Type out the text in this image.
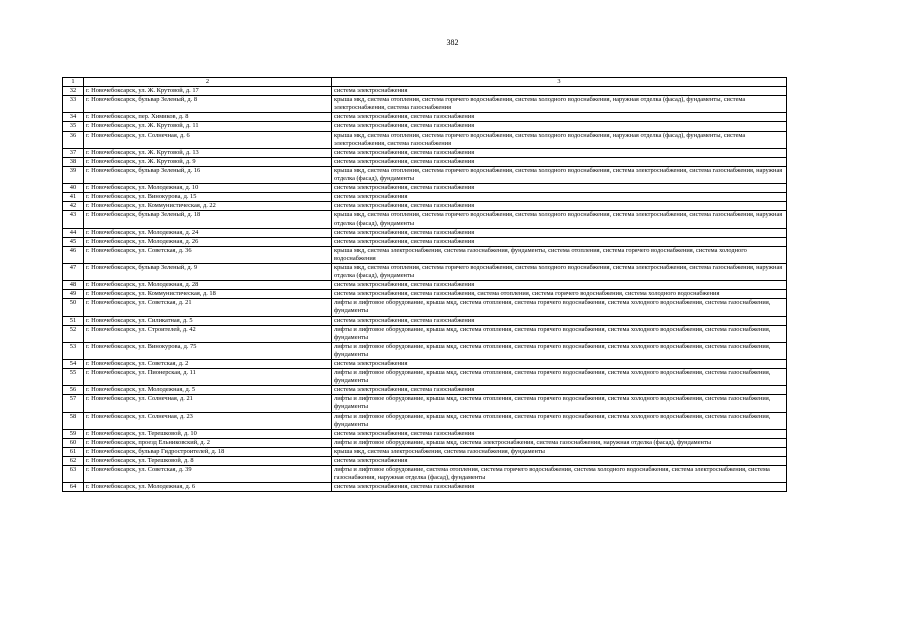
382
1	2	3
32	г. Новочебоксарск, ул. Ж. Крутовой, д. 17	система электроснабжения
33	г. Новочебоксарск, бульвар Зеленый, д. 8	крыша мкд, система отопления, система горячего водоснабжения, система холодного водоснабжения, наружная отделка (фасад), фундаменты, система электроснабжения, система газоснабжения
34	г. Новочебоксарск, пер. Химиков, д. 8	система электроснабжения, система газоснабжения
35	г. Новочебоксарск, ул. Ж. Крутовой, д. 11	система электроснабжения, система газоснабжения
36	г. Новочебоксарск, ул. Солнечная, д. 6	крыша мкд, система отопления, система горячего водоснабжения, система холодного водоснабжения, наружная отделка (фасад), фундаменты, система электроснабжения, система газоснабжения
37	г. Новочебоксарск, ул. Ж. Крутовой, д. 13	система электроснабжения, система газоснабжения
38	г. Новочебоксарск, ул. Ж. Крутовой, д. 9	система электроснабжения, система газоснабжения
39	г. Новочебоксарск, бульвар Зеленый, д. 16	крыша мкд, система отопления, система горячего водоснабжения, система холодного водоснабжения, система электроснабжения, система газоснабжения, наружная отделка (фасад), фундаменты
40	г. Новочебоксарск, ул. Молодежная, д. 10	система электроснабжения, система газоснабжения
41	г. Новочебоксарск, ул. Винокурова, д. 15	система электроснабжения
42	г. Новочебоксарск, ул. Коммунистическая, д. 22	система электроснабжения, система газоснабжения
43	г. Новочебоксарск, бульвар Зеленый, д. 18	крыша мкд, система отопления, система горячего водоснабжения, система холодного водоснабжения, система электроснабжения, система газоснабжения, наружная отделка (фасад), фундаменты
44	г. Новочебоксарск, ул. Молодежная, д. 24	система электроснабжения, система газоснабжения
45	г. Новочебоксарск, ул. Молодежная, д. 26	система электроснабжения, система газоснабжения
46	г. Новочебоксарск, ул. Советская, д. 36	крыша мкд, система электроснабжения, система газоснабжения, фундаменты, система отопления, система горячего водоснабжения, система холодного водоснабжения
47	г. Новочебоксарск, бульвар Зеленый, д. 9	крыша мкд, система отопления, система горячего водоснабжения, система холодного водоснабжения, система электроснабжения, система газоснабжения, наружная отделка (фасад), фундаменты
48	г. Новочебоксарск, ул. Молодежная, д. 28	система электроснабжения, система газоснабжения
49	г. Новочебоксарск, ул. Коммунистическая, д. 18	система электроснабжения, система газоснабжения, система отопления, система горячего водоснабжения, система холодного водоснабжения
50	г. Новочебоксарск, ул. Советская, д. 21	лифты и лифтовое оборудование, крыша мкд, система отопления, система горячего водоснабжения, система холодного водоснабжения, система газоснабжения, фундаменты
51	г. Новочебоксарск, ул. Силикатная, д. 5	система электроснабжения, система газоснабжения
52	г. Новочебоксарск, ул. Строителей, д. 42	лифты и лифтовое оборудование, крыша мкд, система отопления, система горячего водоснабжения, система холодного водоснабжения, система газоснабжения, фундаменты
53	г. Новочебоксарск, ул. Винокурова, д. 75	лифты и лифтовое оборудование, крыша мкд, система отопления, система горячего водоснабжения, система холодного водоснабжения, система газоснабжения, фундаменты
54	г. Новочебоксарск, ул. Советская, д. 2	система электроснабжения
55	г. Новочебоксарск, ул. Пионерская, д. 11	лифты и лифтовое оборудование, крыша мкд, система отопления, система горячего водоснабжения, система холодного водоснабжения, система газоснабжения, фундаменты
56	г. Новочебоксарск, ул. Молодежная, д. 5	система электроснабжения, система газоснабжения
57	г. Новочебоксарск, ул. Солнечная, д. 21	лифты и лифтовое оборудование, крыша мкд, система отопления, система горячего водоснабжения, система холодного водоснабжения, система газоснабжения, фундаменты
58	г. Новочебоксарск, ул. Солнечная, д. 23	лифты и лифтовое оборудование, крыша мкд, система отопления, система горячего водоснабжения, система холодного водоснабжения, система газоснабжения, фундаменты
59	г. Новочебоксарск, ул. Терешковой, д. 10	система электроснабжения, система газоснабжения
60	г. Новочебоксарск, проезд Ельниковский, д. 2	лифты и лифтовое оборудование, крыша мкд, система электроснабжения, система газоснабжения, наружная отделка (фасад), фундаменты
61	г. Новочебоксарск, бульвар Гидростроителей, д. 18	крыша мкд, система электроснабжения, система газоснабжения, фундаменты
62	г. Новочебоксарск, ул. Терешковой, д. 8	система электроснабжения
63	г. Новочебоксарск, ул. Советская, д. 39	лифты и лифтовое оборудование, система отопления, система горячего водоснабжения, система холодного водоснабжения, система электроснабжения, система газоснабжения, наружная отделка (фасад), фундаменты
64	г. Новочебоксарск, ул. Молодежная, д. 6	система электроснабжения, система газоснабжения
